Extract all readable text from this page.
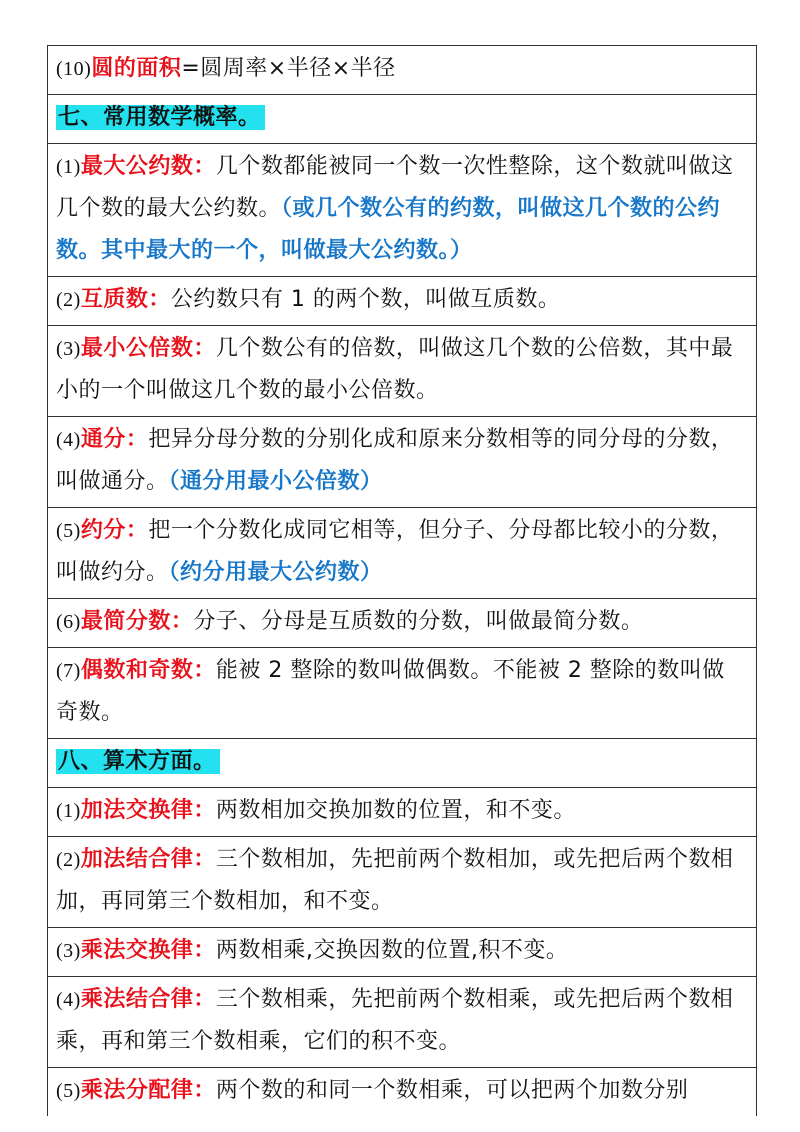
(10)圆的面积=圆周率×半径×半径
七、常用数学概率。
(1)最大公约数：几个数都能被同一个数一次性整除，这个数就叫做这几个数的最大公约数。（或几个数公有的约数，叫做这几个数的公约数。其中最大的一个，叫做最大公约数。）
(2)互质数：公约数只有 1 的两个数，叫做互质数。
(3)最小公倍数：几个数公有的倍数，叫做这几个数的公倍数，其中最小的一个叫做这几个数的最小公倍数。
(4)通分：把异分母分数的分别化成和原来分数相等的同分母的分数，叫做通分。（通分用最小公倍数）
(5)约分：把一个分数化成同它相等，但分子、分母都比较小的分数，叫做约分。（约分用最大公约数）
(6)最简分数：分子、分母是互质数的分数，叫做最简分数。
(7)偶数和奇数：能被 2 整除的数叫做偶数。不能被 2 整除的数叫做奇数。
八、算术方面。
(1)加法交换律：两数相加交换加数的位置，和不变。
(2)加法结合律：三个数相加，先把前两个数相加，或先把后两个数相加，再同第三个数相加，和不变。
(3)乘法交换律：两数相乘,交换因数的位置,积不变。
(4)乘法结合律：三个数相乘，先把前两个数相乘，或先把后两个数相乘，再和第三个数相乘，它们的积不变。
(5)乘法分配律：两个数的和同一个数相乘，可以把两个加数分别
